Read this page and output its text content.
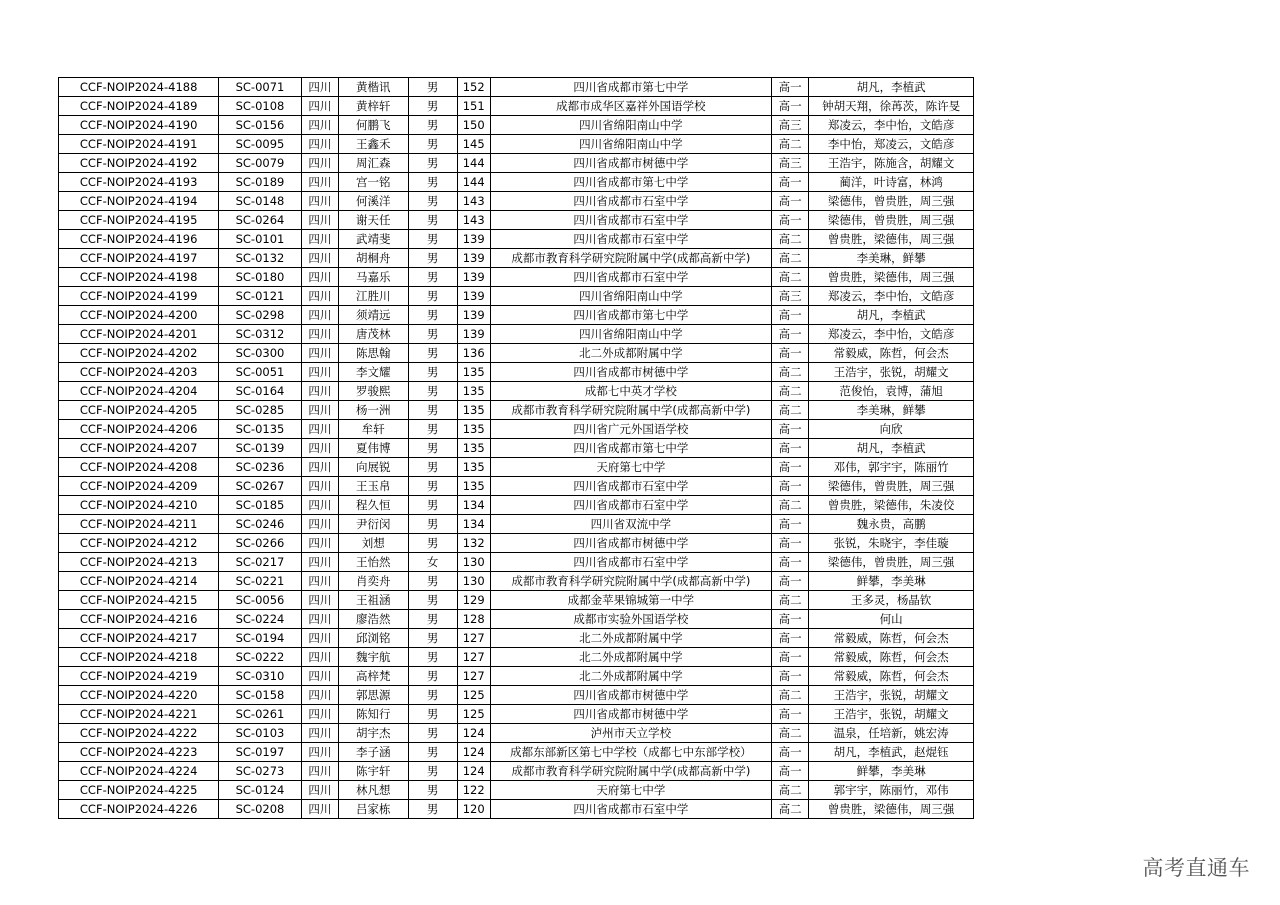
CCF-NOIP2024-4188	SC-0071	四川	黄楷讯	男	152	四川省成都市第七中学	高一	胡凡，李植武
CCF-NOIP2024-4189	SC-0108	四川	黄梓轩	男	151	成都市成华区嘉祥外国语学校	高一	钟胡天翔，徐苒茨，陈许旻
CCF-NOIP2024-4190	SC-0156	四川	何鹏飞	男	150	四川省绵阳南山中学	高三	郑凌云，李中怡，文皓彦
CCF-NOIP2024-4191	SC-0095	四川	王鑫禾	男	145	四川省绵阳南山中学	高二	李中怡，郑凌云，文皓彦
CCF-NOIP2024-4192	SC-0079	四川	周汇森	男	144	四川省成都市树德中学	高三	王浩宇，陈施含，胡耀文
CCF-NOIP2024-4193	SC-0189	四川	宫一铭	男	144	四川省成都市第七中学	高一	蔺洋，叶诗富，林鸿
CCF-NOIP2024-4194	SC-0148	四川	何溪洋	男	143	四川省成都市石室中学	高一	梁德伟，曾贵胜，周三强
CCF-NOIP2024-4195	SC-0264	四川	谢天任	男	143	四川省成都市石室中学	高一	梁德伟，曾贵胜，周三强
CCF-NOIP2024-4196	SC-0101	四川	武靖斐	男	139	四川省成都市石室中学	高二	曾贵胜，梁德伟，周三强
CCF-NOIP2024-4197	SC-0132	四川	胡桐舟	男	139	成都市教育科学研究院附属中学(成都高新中学)	高二	李美琳，鲜攀
CCF-NOIP2024-4198	SC-0180	四川	马嘉乐	男	139	四川省成都市石室中学	高二	曾贵胜，梁德伟，周三强
CCF-NOIP2024-4199	SC-0121	四川	江胜川	男	139	四川省绵阳南山中学	高三	郑凌云，李中怡，文皓彦
CCF-NOIP2024-4200	SC-0298	四川	须靖远	男	139	四川省成都市第七中学	高一	胡凡，李植武
CCF-NOIP2024-4201	SC-0312	四川	唐茂林	男	139	四川省绵阳南山中学	高一	郑凌云，李中怡，文皓彦
CCF-NOIP2024-4202	SC-0300	四川	陈思翰	男	136	北二外成都附属中学	高一	常毅威，陈哲，何会杰
CCF-NOIP2024-4203	SC-0051	四川	李文耀	男	135	四川省成都市树德中学	高二	王浩宇，张锐，胡耀文
CCF-NOIP2024-4204	SC-0164	四川	罗骏熙	男	135	成都七中英才学校	高二	范俊怡，袁博，蒲旭
CCF-NOIP2024-4205	SC-0285	四川	杨一洲	男	135	成都市教育科学研究院附属中学(成都高新中学)	高二	李美琳，鲜攀
CCF-NOIP2024-4206	SC-0135	四川	牟轩	男	135	四川省广元外国语学校	高一	向欣
CCF-NOIP2024-4207	SC-0139	四川	夏伟博	男	135	四川省成都市第七中学	高一	胡凡，李植武
CCF-NOIP2024-4208	SC-0236	四川	向展锐	男	135	天府第七中学	高一	邓伟，郭宇宇，陈丽竹
CCF-NOIP2024-4209	SC-0267	四川	王玉帛	男	135	四川省成都市石室中学	高一	梁德伟，曾贵胜，周三强
CCF-NOIP2024-4210	SC-0185	四川	程久恒	男	134	四川省成都市石室中学	高二	曾贵胜，梁德伟，朱凌佼
CCF-NOIP2024-4211	SC-0246	四川	尹衍闵	男	134	四川省双流中学	高一	魏永贵，高鹏
CCF-NOIP2024-4212	SC-0266	四川	刘想	男	132	四川省成都市树德中学	高一	张锐，朱晓宇，李佳璇
CCF-NOIP2024-4213	SC-0217	四川	王怡然	女	130	四川省成都市石室中学	高一	梁德伟，曾贵胜，周三强
CCF-NOIP2024-4214	SC-0221	四川	肖奕舟	男	130	成都市教育科学研究院附属中学(成都高新中学)	高一	鲜攀，李美琳
CCF-NOIP2024-4215	SC-0056	四川	王祖涵	男	129	成都金苹果锦城第一中学	高二	王多灵，杨晶钦
CCF-NOIP2024-4216	SC-0224	四川	廖浩然	男	128	成都市实验外国语学校	高一	何山
CCF-NOIP2024-4217	SC-0194	四川	邱浏铭	男	127	北二外成都附属中学	高一	常毅威，陈哲，何会杰
CCF-NOIP2024-4218	SC-0222	四川	魏宇航	男	127	北二外成都附属中学	高一	常毅威，陈哲，何会杰
CCF-NOIP2024-4219	SC-0310	四川	高梓梵	男	127	北二外成都附属中学	高一	常毅威，陈哲，何会杰
CCF-NOIP2024-4220	SC-0158	四川	郭思源	男	125	四川省成都市树德中学	高二	王浩宇，张锐，胡耀文
CCF-NOIP2024-4221	SC-0261	四川	陈知行	男	125	四川省成都市树德中学	高一	王浩宇，张锐，胡耀文
CCF-NOIP2024-4222	SC-0103	四川	胡宇杰	男	124	泸州市天立学校	高二	温泉，任培新，姚宏涛
CCF-NOIP2024-4223	SC-0197	四川	李子涵	男	124	成都东部新区第七中学校（成都七中东部学校）	高一	胡凡，李植武，赵焜钰
CCF-NOIP2024-4224	SC-0273	四川	陈宇轩	男	124	成都市教育科学研究院附属中学(成都高新中学)	高一	鲜攀，李美琳
CCF-NOIP2024-4225	SC-0124	四川	林凡想	男	122	天府第七中学	高二	郭宇宇，陈丽竹，邓伟
CCF-NOIP2024-4226	SC-0208	四川	吕家栋	男	120	四川省成都市石室中学	高二	曾贵胜，梁德伟，周三强
高考直通车
